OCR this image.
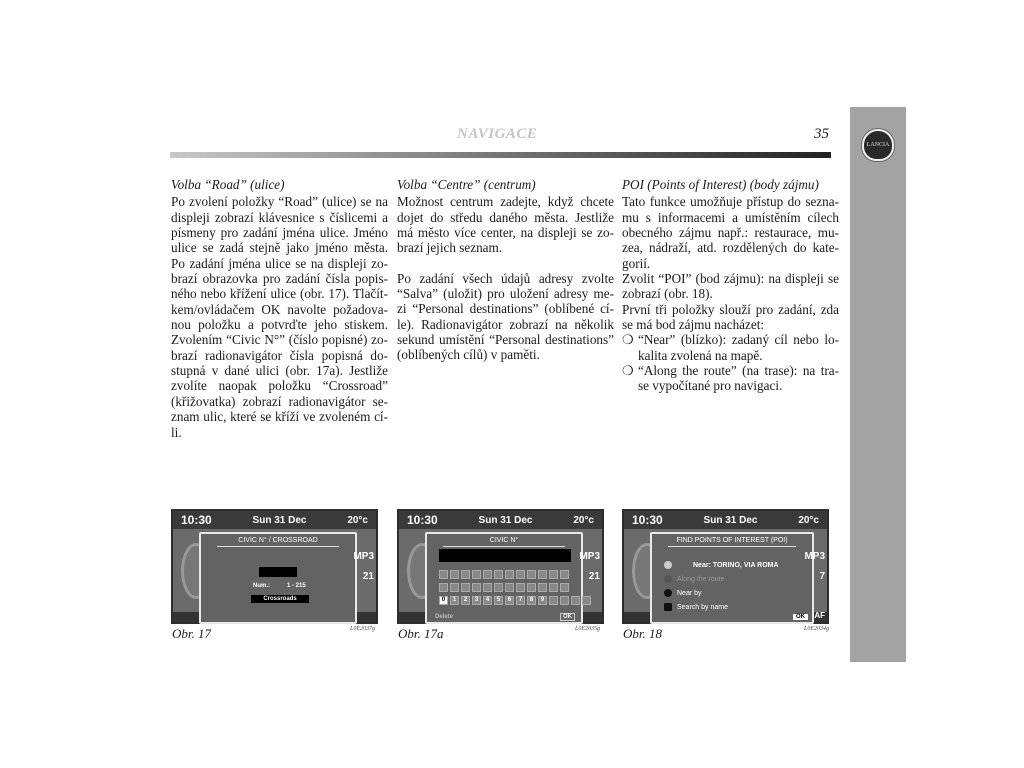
LANCIA
NAVIGACE	35
Volba “Road” (ulice)
Po zvolení položky “Road” (ulice) se na
displeji zobrazí klávesnice s číslicemi a
písmeny pro zadání jména ulice. Jméno
ulice se zadá stejně jako jméno města.
Po zadání jména ulice se na displeji zo-
brazí obrazovka pro zadání čísla popis-
ného nebo křížení ulice (obr. 17). Tlačít-
kem/ovládačem OK navolte požadova-
nou položku a potvrďte jeho stiskem.
Zvolením “Civic N°” (číslo popisné) zo-
brazí radionavigátor čísla popisná do-
stupná v dané ulici (obr. 17a). Jestliže
zvolíte naopak položku “Crossroad”
(křižovatka) zobrazí radionavigátor se-
znam ulic, které se kříží ve zvoleném cí-
li.
Volba “Centre” (centrum)
Možnost centrum zadejte, když chcete
dojet do středu daného města. Jestliže
má město více center, na displeji se zo-
brazí jejich seznam.
Po zadání všech údajů adresy zvolte
“Salva” (uložit) pro uložení adresy me-
zi “Personal destinations” (oblíbené cí-
le). Radionavigátor zobrazí na několik
sekund umístění “Personal destinations”
(oblíbených cílů) v paměti.
POI (Points of Interest) (body zájmu)
Tato funkce umožňuje přístup do sezna-
mu s informacemi a umístěním cílech
obecného zájmu např.: restaurace, mu-
zea, nádraží, atd. rozdělených do kate-
gorií.
Zvolit “POI” (bod zájmu): na displeji se
zobrazí (obr. 18).
První tři položky slouží pro zadání, zda
se má bod zájmu nacházet:
❍ “Near” (blízko): zadaný cíl nebo lo-
kalita zvolená na mapě.
❍ “Along the route” (na trase): na tra-
se vypočítané pro navigaci.
10:30	Sun 31 Dec	20°c
CIVIC N° / CROSSROAD
Num.:	1 - 215
Crossroads
MP3
21
Obr. 17	L0E2037g
10:30	Sun 31 Dec	20°c
CIVIC N°
0	1	2	3	4	5	6	7	8	9
Delete	OK
MP3
21
Obr. 17a	L0E2035g
10:30	Sun 31 Dec	20°c
FIND POINTS OF INTEREST (POI)
Near: TORINO, VIA ROMA
Along the route
Near by
Search by name
OK
MP3
7
AF
Obr. 18	L0E2034g
